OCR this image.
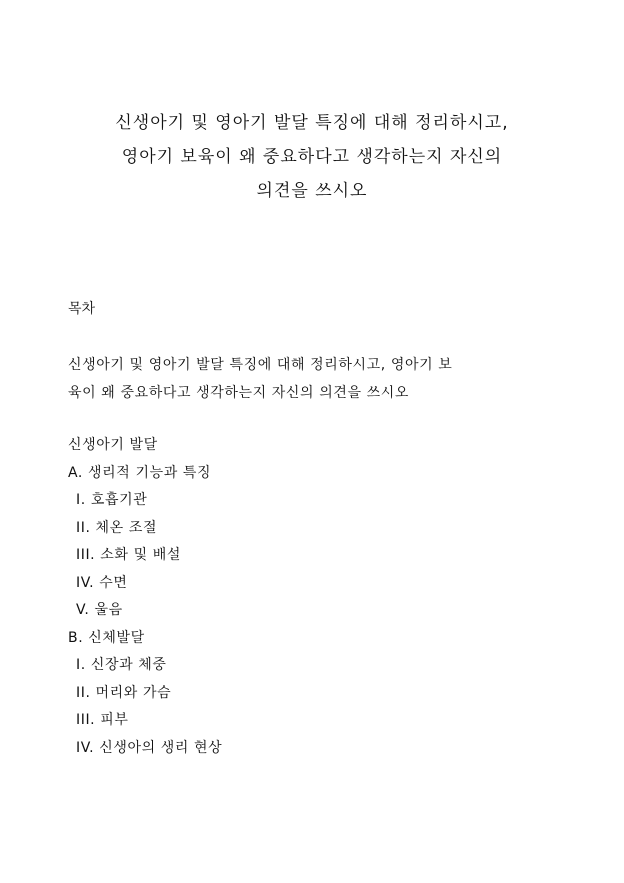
신생아기 및 영아기 발달 특징에 대해 정리하시고,
영아기 보육이 왜 중요하다고 생각하는지 자신의
의견을 쓰시오
목차
신생아기 및 영아기 발달 특징에 대해 정리하시고, 영아기 보
육이 왜 중요하다고 생각하는지 자신의 의견을 쓰시오
신생아기 발달
A. 생리적 기능과 특징
I. 호흡기관
II. 체온 조절
III. 소화 및 배설
IV. 수면
V. 울음
B. 신체발달
I. 신장과 체중
II. 머리와 가슴
III. 피부
IV. 신생아의 생리 현상
